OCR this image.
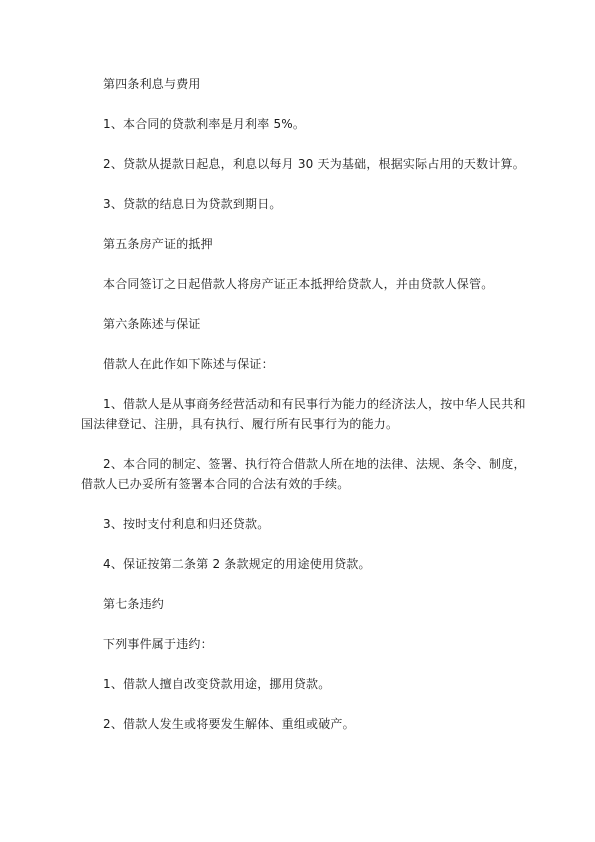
第四条利息与费用
1、本合同的贷款利率是月利率 5%。
2、贷款从提款日起息，利息以每月 30 天为基础，根据实际占用的天数计算。
3、贷款的结息日为贷款到期日。
第五条房产证的抵押
本合同签订之日起借款人将房产证正本抵押给贷款人，并由贷款人保管。
第六条陈述与保证
借款人在此作如下陈述与保证：
1、借款人是从事商务经营活动和有民事行为能力的经济法人，按中华人民共和
国法律登记、注册，具有执行、履行所有民事行为的能力。
2、本合同的制定、签署、执行符合借款人所在地的法律、法规、条令、制度，
借款人已办妥所有签署本合同的合法有效的手续。
3、按时支付利息和归还贷款。
4、保证按第二条第 2 条款规定的用途使用贷款。
第七条违约
下列事件属于违约：
1、借款人擅自改变贷款用途，挪用贷款。
2、借款人发生或将要发生解体、重组或破产。
